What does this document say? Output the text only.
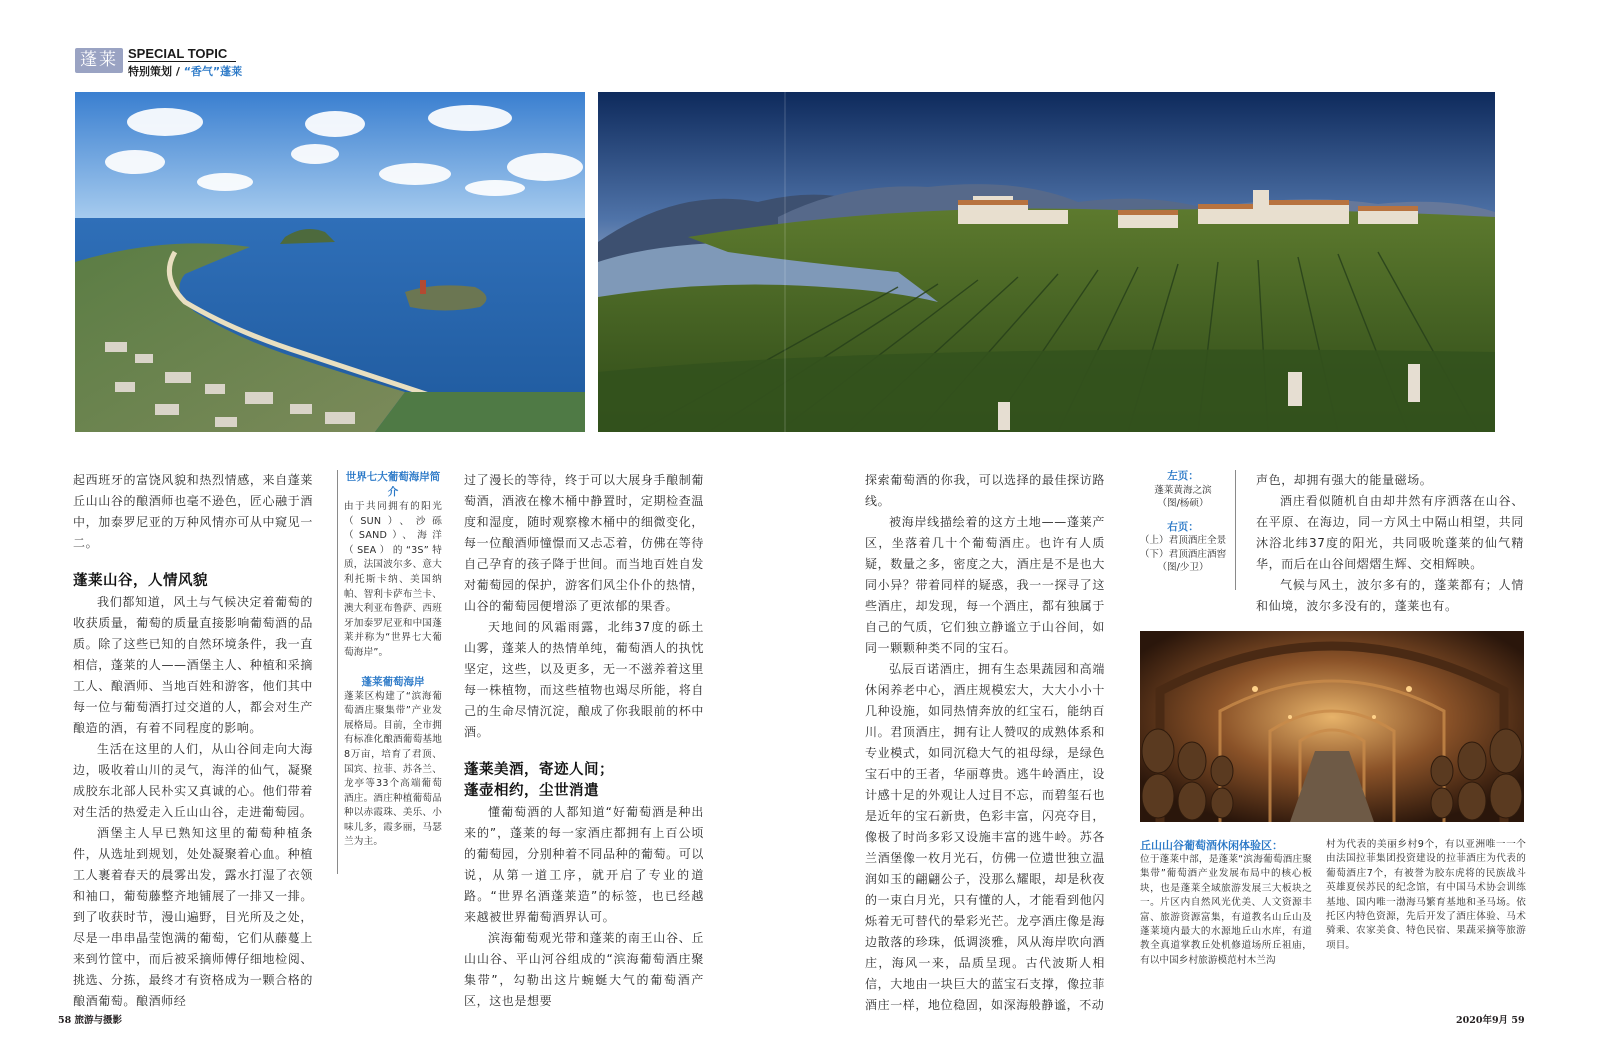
蓬莱 SPECIAL TOPIC
特别策划 / “香气”蓬莱

起西班牙的富饶风貌和热烈情感，来自蓬莱丘山山谷的酿酒师也毫不逊色，匠心融于酒中，加泰罗尼亚的万种风情亦可从中窥见一二。

蓬莱山谷，人情风貌

我们都知道，风土与气候决定着葡萄的收获质量，葡萄的质量直接影响葡萄酒的品质。除了这些已知的自然环境条件，我一直相信，蓬莱的人——酒堡主人、种植和采摘工人、酿酒师、当地百姓和游客，他们其中每一位与葡萄酒打过交道的人，都会对生产酿造的酒，有着不同程度的影响。

生活在这里的人们，从山谷间走向大海边，吸收着山川的灵气，海洋的仙气，凝聚成胶东北部人民朴实又真诚的心。他们带着对生活的热爱走入丘山山谷，走进葡萄园。

酒堡主人早已熟知这里的葡萄种植条件，从选址到规划，处处凝聚着心血。种植工人裹着春天的晨雾出发，露水打湿了衣领和袖口，葡萄藤整齐地铺展了一排又一排。到了收获时节，漫山遍野，目光所及之处，尽是一串串晶莹饱满的葡萄，它们从藤蔓上来到竹筐中，而后被采摘师傅仔细地检阅、挑选、分拣，最终才有资格成为一颗合格的酿酒葡萄。酿酒师经

世界七大葡萄海岸简介
由于共同拥有的阳光（SUN）、沙砾（SAND）、海洋（SEA）的“3S”特质，法国波尔多、意大利托斯卡纳、美国纳帕、智利卡萨布兰卡、澳大利亚布鲁萨、西班牙加泰罗尼亚和中国蓬莱并称为“世界七大葡萄海岸”。
蓬莱葡萄海岸
蓬莱区构建了“滨海葡萄酒庄聚集带”产业发展格局。目前，全市拥有标准化酿酒葡萄基地8万亩，培育了君顶、国宾、拉菲、苏各兰、龙亭等33个高端葡萄酒庄。酒庄种植葡萄品种以赤霞珠、美乐、小味儿多，霞多丽，马瑟兰为主。

过了漫长的等待，终于可以大展身手酿制葡萄酒，酒液在橡木桶中静置时，定期检查温度和湿度，随时观察橡木桶中的细微变化，每一位酿酒师憧憬而又忐忑着，仿佛在等待自己孕育的孩子降于世间。而当地百姓自发对葡萄园的保护，游客们风尘仆仆的热情，山谷的葡萄园便增添了更浓郁的果香。

天地间的风霜雨露，北纬37度的砾土山雾，蓬莱人的热情单纯，葡萄酒人的执忱坚定，这些，以及更多，无一不滋养着这里每一株植物，而这些植物也竭尽所能，将自己的生命尽情沉淀，酿成了你我眼前的杯中酒。

蓬莱美酒，寄迹人间；
蓬壶相约，尘世消遣

懂葡萄酒的人都知道“好葡萄酒是种出来的”，蓬莱的每一家酒庄都拥有上百公顷的葡萄园，分别种着不同品种的葡萄。可以说，从第一道工序，就开启了专业的道路。“世界名酒蓬莱造”的标签，也已经越来越被世界葡萄酒界认可。

滨海葡萄观光带和蓬莱的南王山谷、丘山山谷、平山河谷组成的“滨海葡萄酒庄聚集带”，勾勒出这片蜿蜒大气的葡萄酒产区，这也是想要

探索葡萄酒的你我，可以选择的最佳探访路线。

被海岸线描绘着的这方土地——蓬莱产区，坐落着几十个葡萄酒庄。也许有人质疑，数量之多，密度之大，酒庄是不是也大同小异？带着同样的疑惑，我一一探寻了这些酒庄，却发现，每一个酒庄，都有独属于自己的气质，它们独立静谧立于山谷间，如同一颗颗种类不同的宝石。

弘辰百诺酒庄，拥有生态果蔬园和高端休闲养老中心，酒庄规模宏大，大大小小十几种设施，如同热情奔放的红宝石，能纳百川。君顶酒庄，拥有让人赞叹的成熟体系和专业模式，如同沉稳大气的祖母绿，是绿色宝石中的王者，华丽尊贵。逃牛岭酒庄，设计感十足的外观让人过目不忘，而碧玺石也是近年的宝石新贵，色彩丰富，闪亮夺目，像极了时尚多彩又设施丰富的逃牛岭。苏各兰酒堡像一枚月光石，仿佛一位遗世独立温润如玉的翩翩公子，没那么耀眼，却是秋夜的一束白月光，只有懂的人，才能看到他闪烁着无可替代的晕彩光芒。龙亭酒庄像是海边散落的珍珠，低调淡雅，风从海岸吹向酒庄，海风一来，品质呈现。古代波斯人相信，大地由一块巨大的蓝宝石支撑，像拉菲酒庄一样，地位稳固，如深海般静谧，不动

左页：
蓬莱黄海之滨
（图/杨硕）
右页：
（上）君顶酒庄全景
（下）君顶酒庄酒窖
（图/少卫）

声色，却拥有强大的能量磁场。

酒庄看似随机自由却井然有序洒落在山谷、在平原、在海边，同一方风土中隔山相望，共同沐浴北纬37度的阳光，共同吸吮蓬莱的仙气精华，而后在山谷间熠熠生辉、交相辉映。

气候与风土，波尔多有的，蓬莱都有；人情和仙境，波尔多没有的，蓬莱也有。

丘山山谷葡萄酒休闲体验区：
位于蓬莱中部，是蓬莱“滨海葡萄酒庄聚集带”葡萄酒产业发展布局中的核心板块，也是蓬莱全域旅游发展三大板块之一。片区内自然风光优美、人文资源丰富、旅游资源富集，有道教名山丘山及蓬莱境内最大的水源地丘山水库，有道教全真道掌教丘处机修道场所丘祖庙，有以中国乡村旅游模范村木兰沟
村为代表的美丽乡村9个，有以亚洲唯一一个由法国拉菲集团投资建设的拉菲酒庄为代表的葡萄酒庄7个，有被誉为胶东虎将的民族战斗英雄夏侯苏民的纪念馆，有中国马术协会训练基地、国内唯一渤海马繁育基地和圣马场。依托区内特色资源，先后开发了酒庄体验、马术骑乘、农家美食、特色民宿、果蔬采摘等旅游项目。
58 旅游与摄影	2020年9月 59
